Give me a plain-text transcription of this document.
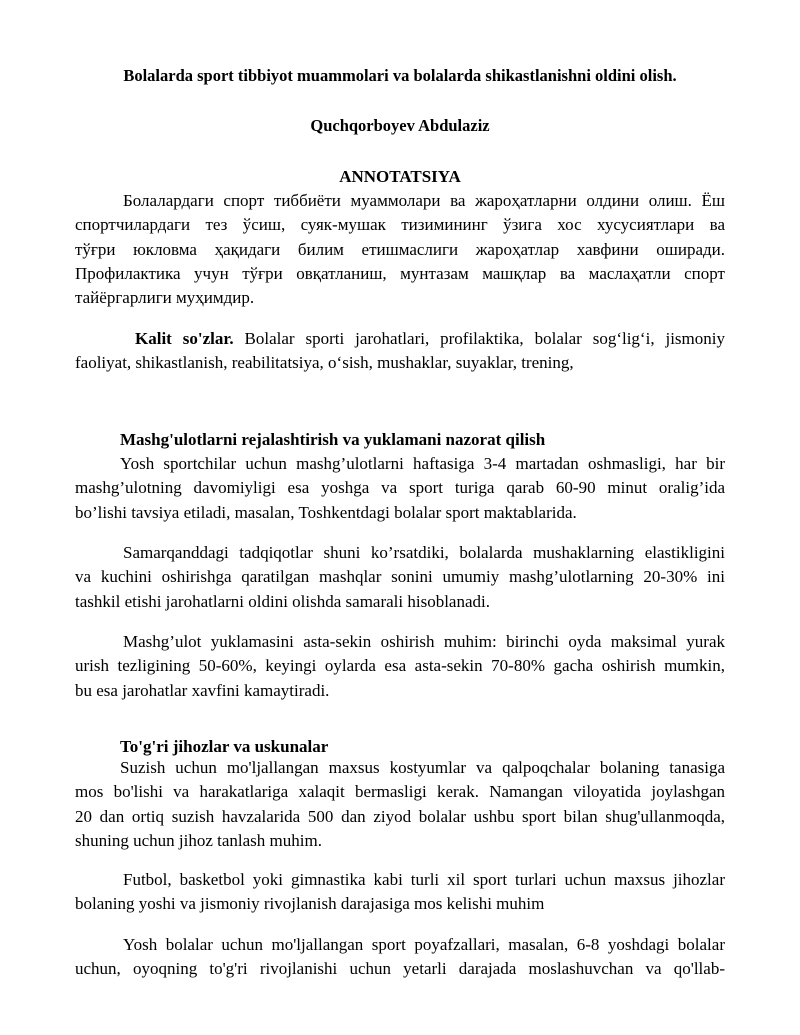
Bolalarda sport tibbiyot muammolari va bolalarda shikastlanishni oldini olish.

Quchqorboyev Abdulaziz

ANNOTATSIYA

Болалардаги спорт тиббиёти муаммолари ва жароҳатларни олдини олиш. Ёш
спортчилардаги тез ўсиш, суяк-мушак тизимининг ўзига хос хусусиятлари ва
тўғри юкловма ҳақидаги билим етишмаслиги жароҳатлар хавфини оширади.
Профилактика учун тўғри овқатланиш, мунтазам машқлар ва маслаҳатли спорт
тайёргарлиги муҳимдир.
Kalit so'zlar. Bolalar sporti jarohatlari, profilaktika, bolalar sog‘lig‘i, jismoniy
faoliyat, shikastlanish, reabilitatsiya, o‘sish, mushaklar, suyaklar, trening,

Mashg'ulotlarni rejalashtirish va yuklamani nazorat qilish

Yosh sportchilar uchun mashg’ulotlarni haftasiga 3-4 martadan oshmasligi, har bir
mashg’ulotning davomiyligi esa yoshga va sport turiga qarab 60-90 minut oralig’ida
bo’lishi tavsiya etiladi, masalan, Toshkentdagi bolalar sport maktablarida.
Samarqanddagi tadqiqotlar shuni ko’rsatdiki, bolalarda mushaklarning elastikligini
va kuchini oshirishga qaratilgan mashqlar sonini umumiy mashg’ulotlarning 20-30% ini
tashkil etishi jarohatlarni oldini olishda samarali hisoblanadi.
Mashg’ulot yuklamasini asta-sekin oshirish muhim: birinchi oyda maksimal yurak
urish tezligining 50-60%, keyingi oylarda esa asta-sekin 70-80% gacha oshirish mumkin,
bu esa jarohatlar xavfini kamaytiradi.

To'g'ri jihozlar va uskunalar

Suzish uchun mo'ljallangan maxsus kostyumlar va qalpoqchalar bolaning tanasiga
mos bo'lishi va harakatlariga xalaqit bermasligi kerak. Namangan viloyatida joylashgan
20 dan ortiq suzish havzalarida 500 dan ziyod bolalar ushbu sport bilan shug'ullanmoqda,
shuning uchun jihoz tanlash muhim.
Futbol, basketbol yoki gimnastika kabi turli xil sport turlari uchun maxsus jihozlar
bolaning yoshi va jismoniy rivojlanish darajasiga mos kelishi muhim
Yosh bolalar uchun mo'ljallangan sport poyafzallari, masalan, 6-8 yoshdagi bolalar
uchun, oyoqning to'g'ri rivojlanishi uchun yetarli darajada moslashuvchan va qo'llab-
